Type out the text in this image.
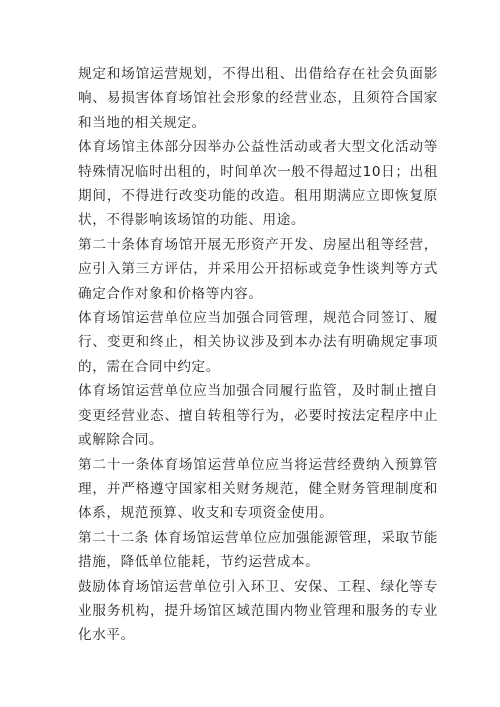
规定和场馆运营规划，不得出租、出借给存在社会负面影响、易损害体育场馆社会形象的经营业态，且须符合国家和当地的相关规定。

体育场馆主体部分因举办公益性活动或者大型文化活动等特殊情况临时出租的，时间单次一般不得超过10日；出租期间，不得进行改变功能的改造。租用期满应立即恢复原状，不得影响该场馆的功能、用途。

第二十条体育场馆开展无形资产开发、房屋出租等经营，应引入第三方评估，并采用公开招标或竞争性谈判等方式确定合作对象和价格等内容。

体育场馆运营单位应当加强合同管理，规范合同签订、履行、变更和终止，相关协议涉及到本办法有明确规定事项的，需在合同中约定。

体育场馆运营单位应当加强合同履行监管，及时制止擅自变更经营业态、擅自转租等行为，必要时按法定程序中止或解除合同。

第二十一条体育场馆运营单位应当将运营经费纳入预算管理，并严格遵守国家相关财务规范，健全财务管理制度和体系，规范预算、收支和专项资金使用。

第二十二条 体育场馆运营单位应加强能源管理，采取节能措施，降低单位能耗，节约运营成本。

鼓励体育场馆运营单位引入环卫、安保、工程、绿化等专业服务机构，提升场馆区域范围内物业管理和服务的专业化水平。
